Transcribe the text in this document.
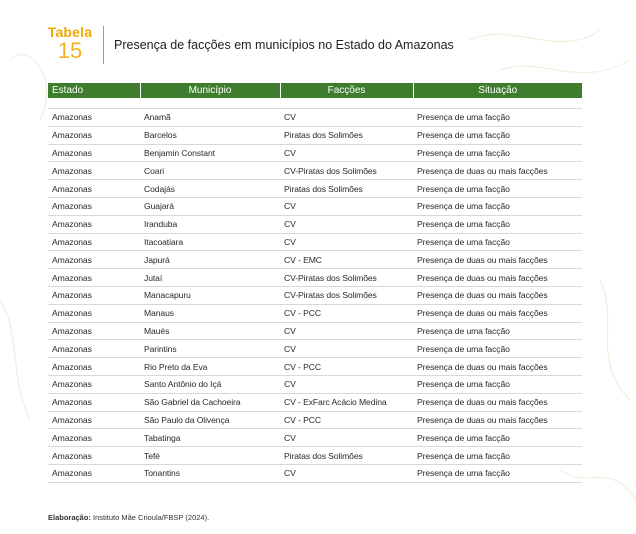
Tabela
15	Presença de facções em municípios no Estado do Amazonas
Estado	Município	Facções	Situação

Amazonas	Anamã	CV	Presença de uma facção
Amazonas	Barcelos	Piratas dos Solimões	Presença de uma facção
Amazonas	Benjamin Constant	CV	Presença de uma facção
Amazonas	Coari	CV-Piratas dos Solimões	Presença de duas ou mais facções
Amazonas	Codajás	Piratas dos Solimões	Presença de uma facção
Amazonas	Guajará	CV	Presença de uma facção
Amazonas	Iranduba	CV	Presença de uma facção
Amazonas	Itacoatiara	CV	Presença de uma facção
Amazonas	Japurá	CV - EMC	Presença de duas ou mais facções
Amazonas	Jutaí	CV-Piratas dos Solimões	Presença de duas ou mais facções
Amazonas	Manacapuru	CV-Piratas dos Solimões	Presença de duas ou mais facções
Amazonas	Manaus	CV - PCC	Presença de duas ou mais facções
Amazonas	Maués	CV	Presença de uma facção
Amazonas	Parintins	CV	Presença de uma facção
Amazonas	Rio Preto da Eva	CV - PCC	Presença de duas ou mais facções
Amazonas	Santo Antônio do Içá	CV	Presença de uma facção
Amazonas	São Gabriel da Cachoeira	CV - ExFarc Acácio Medina	Presença de duas ou mais facções
Amazonas	São Paulo da Olivença	CV - PCC	Presença de duas ou mais facções
Amazonas	Tabatinga	CV	Presença de uma facção
Amazonas	Tefé	Piratas dos Solimões	Presença de uma facção
Amazonas	Tonantins	CV	Presença de uma facção
Elaboração: Instituto Mãe Crioula/FBSP (2024).
